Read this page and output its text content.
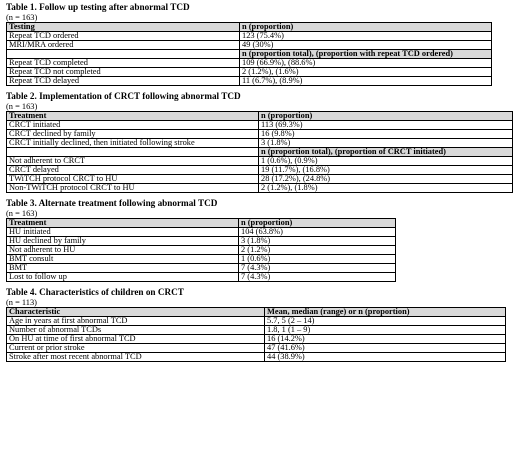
Table 1. Follow up testing after abnormal TCD
(n = 163)
Testing	n (proportion)
Repeat TCD ordered	123 (75.4%)
MRI/MRA ordered	49 (30%)
	n (proportion total), (proportion with repeat TCD ordered)
Repeat TCD completed	109 (66.9%), (88.6%)
Repeat TCD not completed	2 (1.2%), (1.6%)
Repeat TCD delayed	11 (6.7%), (8.9%)
Table 2. Implementation of CRCT following abnormal TCD
(n = 163)
Treatment	n (proportion)
CRCT initiated	113 (69.3%)
CRCT declined by family	16 (9.8%)
CRCT initially declined, then initiated following stroke	3 (1.8%)
	n (proportion total), (proportion of CRCT initiated)
Not adherent to CRCT	1 (0.6%), (0.9%)
CRCT delayed	19 (11.7%), (16.8%)
TWiTCH protocol CRCT to HU	28 (17.2%), (24.8%)
Non-TWiTCH protocol CRCT to HU	2 (1.2%), (1.8%)
Table 3. Alternate treatment following abnormal TCD
(n = 163)
Treatment	n (proportion)
HU initiated	104 (63.8%)
HU declined by family	3 (1.8%)
Not adherent to HU	2 (1.2%)
BMT consult	1 (0.6%)
BMT	7 (4.3%)
Lost to follow up	7 (4.3%)
Table 4. Characteristics of children on CRCT
(n = 113)
Characteristic	Mean, median (range) or n (proportion)
Age in years at first abnormal TCD	5.7, 5 (2 – 14)
Number of abnormal TCDs	1.8, 1 (1 – 9)
On HU at time of first abnormal TCD	16 (14.2%)
Current or prior stroke	47 (41.6%)
Stroke after most recent abnormal TCD	44 (38.9%)
